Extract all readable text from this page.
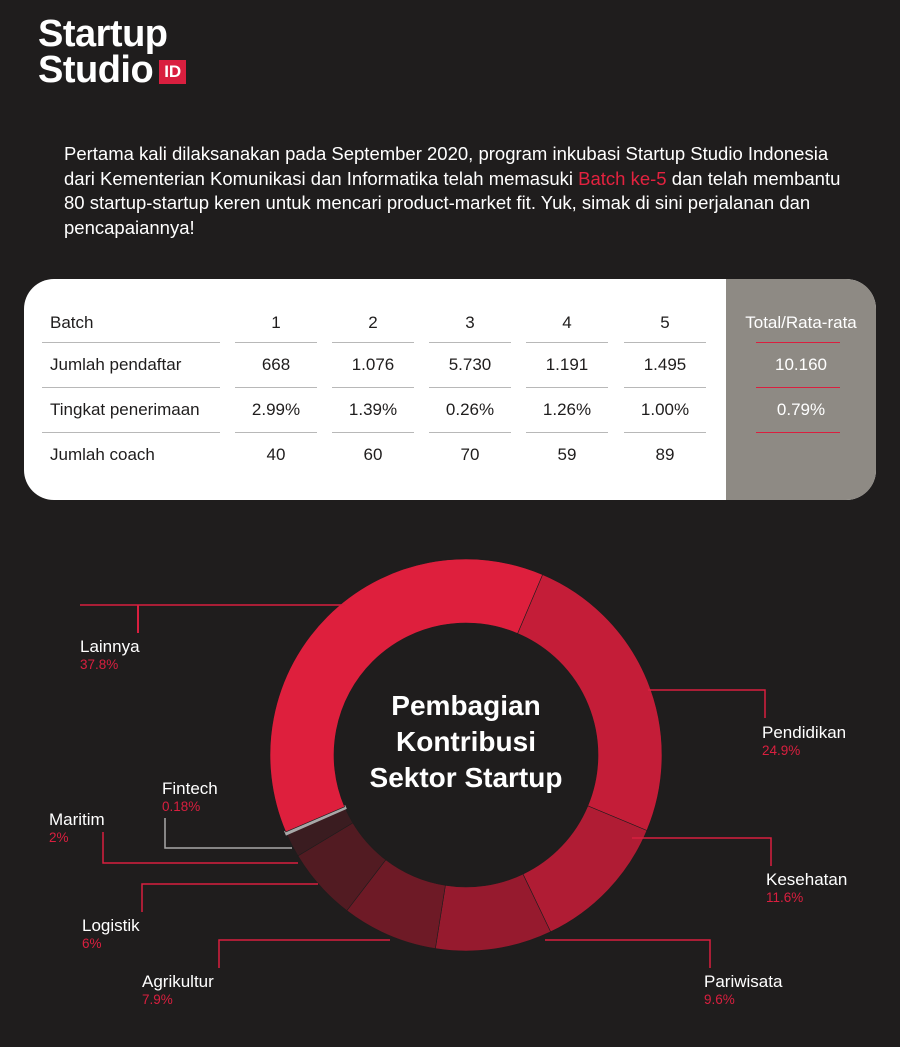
Startup
Studio ID

Pertama kali dilaksanakan pada September 2020, program inkubasi Startup Studio Indonesia dari Kementerian Komunikasi dan Informatika telah memasuki Batch ke-5 dan telah membantu 80 startup-startup keren untuk mencari product-market fit. Yuk, simak di sini perjalanan dan pencapaiannya!

Batch	1	2	3	4	5	Total/Rata-rata
Jumlah pendaftar	668	1.076	5.730	1.191	1.495	10.160
Tingkat penerimaan	2.99%	1.39%	0.26%	1.26%	1.00%	0.79%
Jumlah coach	40	60	70	59	89
Pembagian Kontribusi Sektor Startup
Lainnya
37.8%
Pendidikan
24.9%
Kesehatan
11.6%
Pariwisata
9.6%
Agrikultur
7.9%
Logistik
6%
Maritim
2%
Fintech
0.18%
